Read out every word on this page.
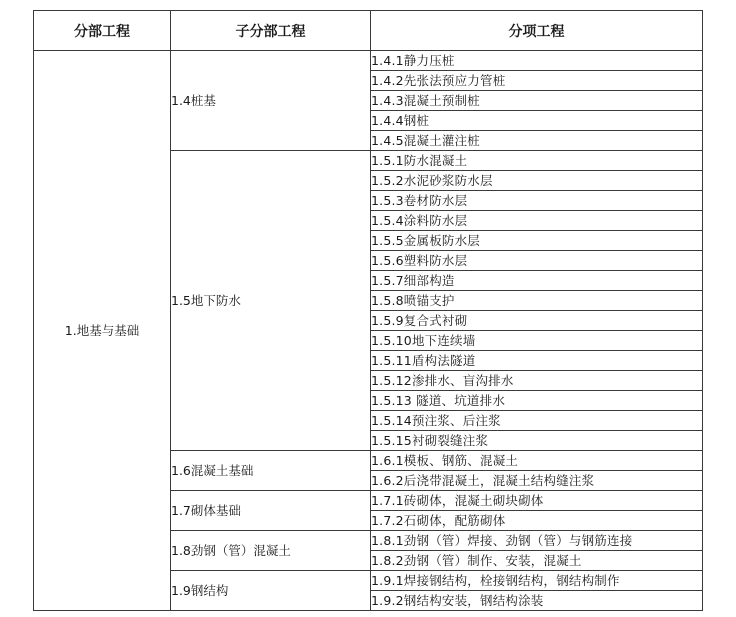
分部工程	子分部工程	分项工程
1.地基与基础	1.4桩基	1.4.1静力压桩
		1.4.2先张法预应力管桩
		1.4.3混凝土预制桩
		1.4.4钢桩
		1.4.5混凝土灌注桩
	1.5地下防水	1.5.1防水混凝土
		1.5.2水泥砂浆防水层
		1.5.3卷材防水层
		1.5.4涂料防水层
		1.5.5金属板防水层
		1.5.6塑料防水层
		1.5.7细部构造
		1.5.8喷锚支护
		1.5.9复合式衬砌
		1.5.10地下连续墙
		1.5.11盾构法隧道
		1.5.12渗排水、盲沟排水
		1.5.13 隧道、坑道排水
		1.5.14预注浆、后注浆
		1.5.15衬砌裂缝注浆
	1.6混凝土基础	1.6.1模板、钢筋、混凝土
		1.6.2后浇带混凝土，混凝土结构缝注浆
	1.7砌体基础	1.7.1砖砌体，混凝土砌块砌体
		1.7.2石砌体，配筋砌体
	1.8劲钢（管）混凝土	1.8.1劲钢（管）焊接、劲钢（管）与钢筋连接
		1.8.2劲钢（管）制作、安装，混凝土
	1.9钢结构	1.9.1焊接钢结构，栓接钢结构，钢结构制作
		1.9.2钢结构安装，钢结构涂装
